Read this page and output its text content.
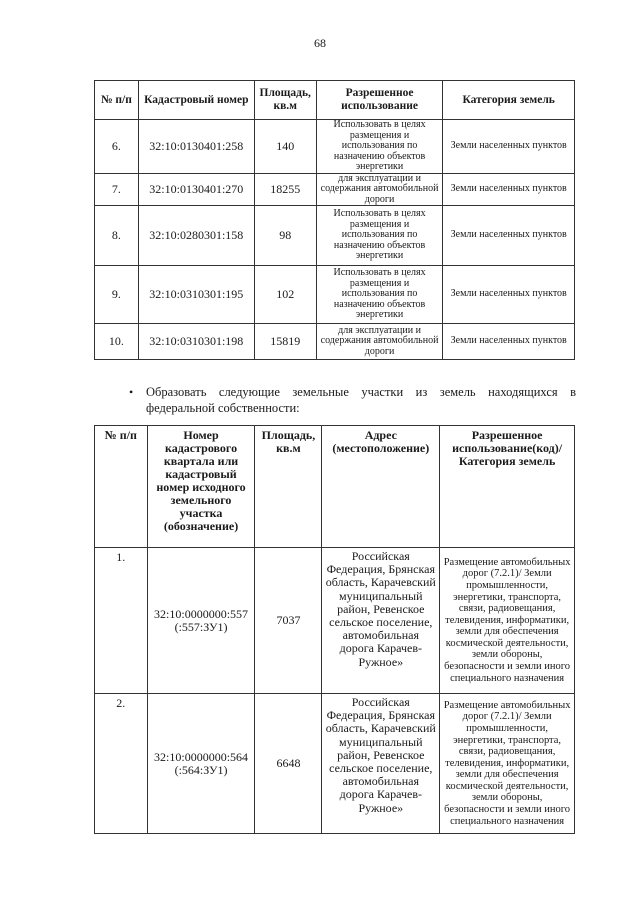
68
№ п/п	Кадастровый номер	Площадь, кв.м	Разрешенное использование	Категория земель
6.	32:10:0130401:258	140	Использовать в целях размещения и использования по назначению объектов энергетики	Земли населенных пунктов
7.	32:10:0130401:270	18255	для эксплуатации и содержания автомобильной дороги	Земли населенных пунктов
8.	32:10:0280301:158	98	Использовать в целях размещения и использования по назначению объектов энергетики	Земли населенных пунктов
9.	32:10:0310301:195	102	Использовать в целях размещения и использования по назначению объектов энергетики	Земли населенных пунктов
10.	32:10:0310301:198	15819	для эксплуатации и содержания автомобильной дороги	Земли населенных пунктов
• Образовать следующие земельные участки из земель находящихся в федеральной собственности:
№ п/п	Номер кадастрового квартала или кадастровый номер исходного земельного участка (обозначение)	Площадь, кв.м	Адрес (местоположение)	Разрешенное использование(код)/ Категория земель
1.	32:10:0000000:557 (:557:ЗУ1)	7037	Российская Федерация, Брянская область, Карачевский муниципальный район, Ревенское сельское поселение, автомобильная дорога Карачев-Ружное»	Размещение автомобильных дорог (7.2.1)/ Земли промышленности, энергетики, транспорта, связи, радиовещания, телевидения, информатики, земли для обеспечения космической деятельности, земли обороны, безопасности и земли иного специального назначения
2.	32:10:0000000:564 (:564:ЗУ1)	6648	Российская Федерация, Брянская область, Карачевский муниципальный район, Ревенское сельское поселение, автомобильная дорога Карачев-Ружное»	Размещение автомобильных дорог (7.2.1)/ Земли промышленности, энергетики, транспорта, связи, радиовещания, телевидения, информатики, земли для обеспечения космической деятельности, земли обороны, безопасности и земли иного специального назначения
